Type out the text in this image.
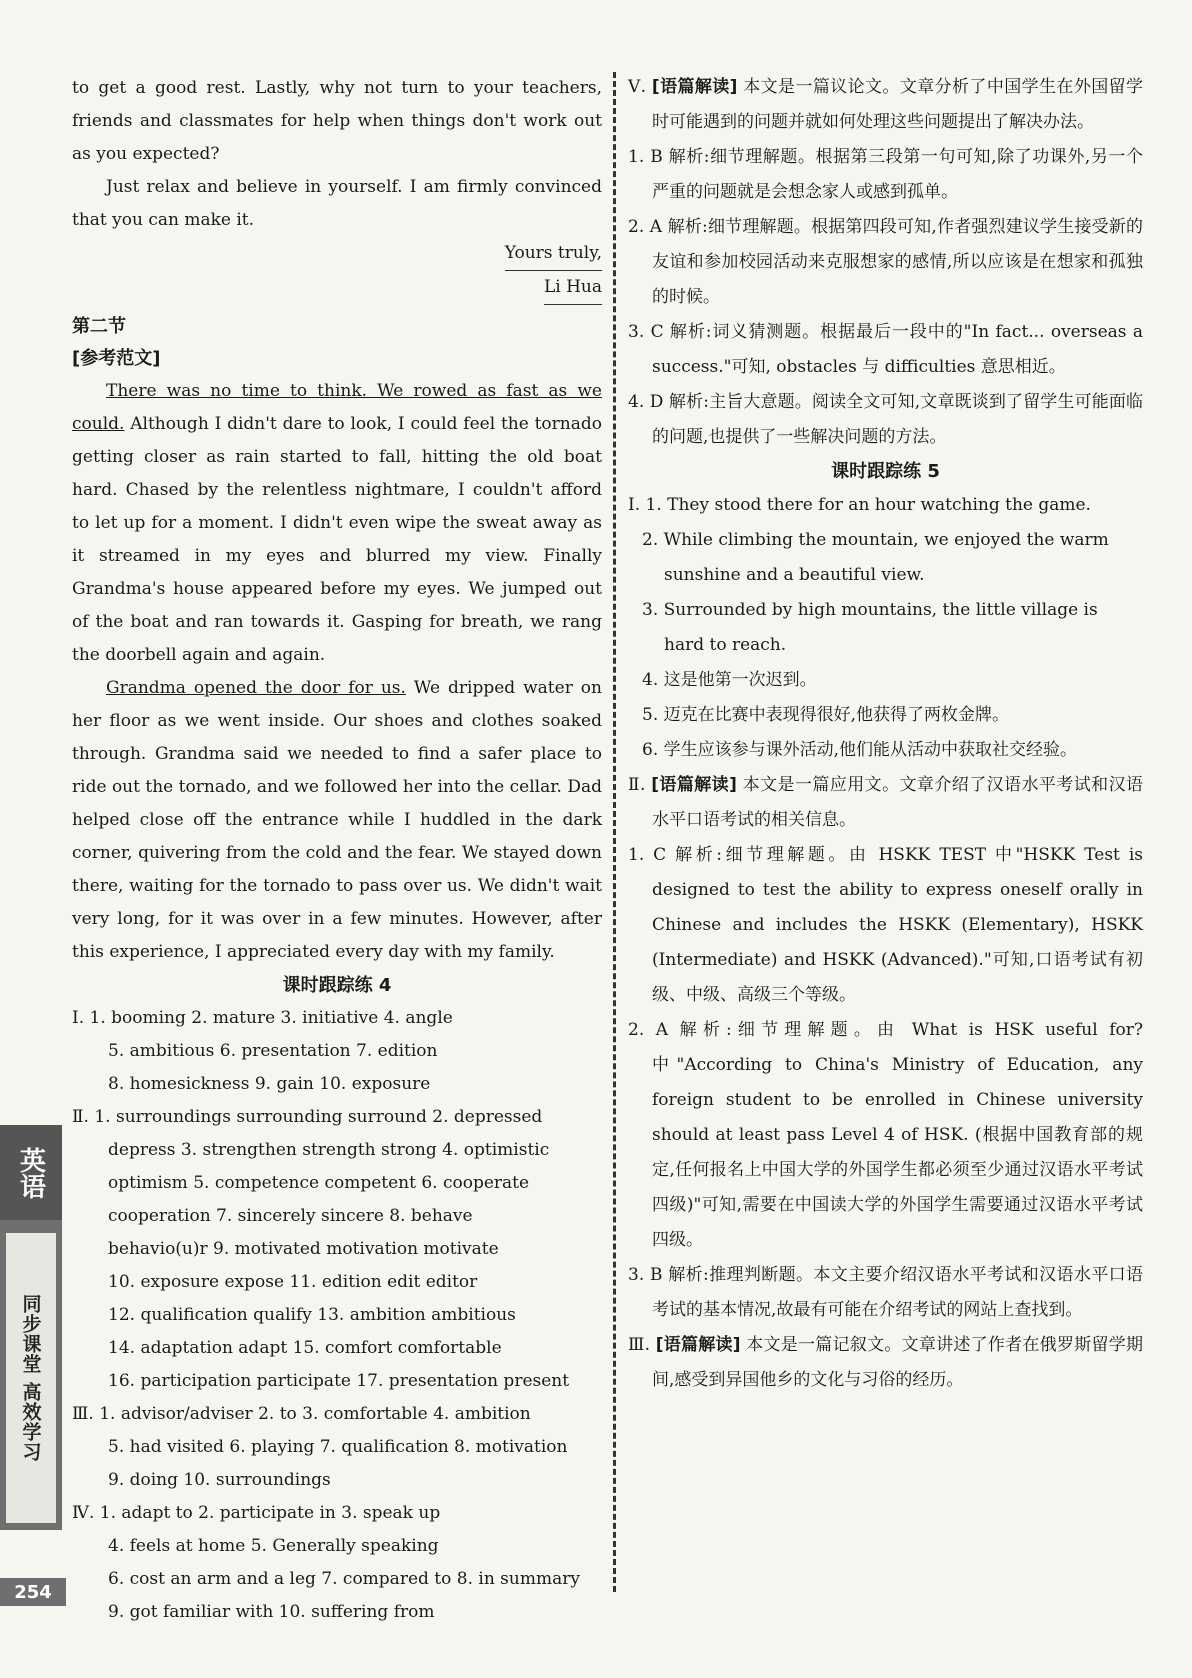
to get a good rest. Lastly, why not turn to your teachers, friends and classmates for help when things don't work out as you expected?

Just relax and believe in yourself. I am firmly convinced that you can make it.

Yours truly,
Li Hua
第二节
[参考范文]

There was no time to think. We rowed as fast as we could. Although I didn't dare to look, I could feel the tornado getting closer as rain started to fall, hitting the old boat hard. Chased by the relentless nightmare, I couldn't afford to let up for a moment. I didn't even wipe the sweat away as it streamed in my eyes and blurred my view. Finally Grandma's house appeared before my eyes. We jumped out of the boat and ran towards it. Gasping for breath, we rang the doorbell again and again.

Grandma opened the door for us. We dripped water on her floor as we went inside. Our shoes and clothes soaked through. Grandma said we needed to find a safer place to ride out the tornado, and we followed her into the cellar. Dad helped close off the entrance while I huddled in the dark corner, quivering from the cold and the fear. We stayed down there, waiting for the tornado to pass over us. We didn't wait very long, for it was over in a few minutes. However, after this experience, I appreciated every day with my family.

课时跟踪练 4
Ⅰ. 1. booming 2. mature 3. initiative 4. angle
5. ambitious 6. presentation 7. edition
8. homesickness 9. gain 10. exposure
Ⅱ. 1. surroundings surrounding surround 2. depressed
depress 3. strengthen strength strong 4. optimistic
optimism 5. competence competent 6. cooperate
cooperation 7. sincerely sincere 8. behave
behavio(u)r 9. motivated motivation motivate
10. exposure expose 11. edition edit editor
12. qualification qualify 13. ambition ambitious
14. adaptation adapt 15. comfort comfortable
16. participation participate 17. presentation present
Ⅲ. 1. advisor/adviser 2. to 3. comfortable 4. ambition
5. had visited 6. playing 7. qualification 8. motivation
9. doing 10. surroundings
Ⅳ. 1. adapt to 2. participate in 3. speak up
4. feels at home 5. Generally speaking
6. cost an arm and a leg 7. compared to 8. in summary
9. got familiar with 10. suffering from

Ⅴ. [语篇解读] 本文是一篇议论文。文章分析了中国学生在外国留学时可能遇到的问题并就如何处理这些问题提出了解决办法。

1. B 解析:细节理解题。根据第三段第一句可知,除了功课外,另一个严重的问题就是会想念家人或感到孤单。

2. A 解析:细节理解题。根据第四段可知,作者强烈建议学生接受新的友谊和参加校园活动来克服想家的感情,所以应该是在想家和孤独的时候。

3. C 解析:词义猜测题。根据最后一段中的"In fact... overseas a success."可知, obstacles 与 difficulties 意思相近。

4. D 解析:主旨大意题。阅读全文可知,文章既谈到了留学生可能面临的问题,也提供了一些解决问题的方法。

课时跟踪练 5

Ⅰ. 1. They stood there for an hour watching the game.

2. While climbing the mountain, we enjoyed the warm sunshine and a beautiful view.

3. Surrounded by high mountains, the little village is hard to reach.

4. 这是他第一次迟到。

5. 迈克在比赛中表现得很好,他获得了两枚金牌。

6. 学生应该参与课外活动,他们能从活动中获取社交经验。

Ⅱ. [语篇解读] 本文是一篇应用文。文章介绍了汉语水平考试和汉语水平口语考试的相关信息。

1. C 解析:细节理解题。由 HSKK TEST 中"HSKK Test is designed to test the ability to express oneself orally in Chinese and includes the HSKK (Elementary), HSKK (Intermediate) and HSKK (Advanced)."可知,口语考试有初级、中级、高级三个等级。

2. A 解析:细节理解题。由 What is HSK useful for? 中"According to China's Ministry of Education, any foreign student to be enrolled in Chinese university should at least pass Level 4 of HSK. (根据中国教育部的规定,任何报名上中国大学的外国学生都必须至少通过汉语水平考试四级)"可知,需要在中国读大学的外国学生需要通过汉语水平考试四级。

3. B 解析:推理判断题。本文主要介绍汉语水平考试和汉语水平口语考试的基本情况,故最有可能在介绍考试的网站上查找到。

Ⅲ. [语篇解读] 本文是一篇记叙文。文章讲述了作者在俄罗斯留学期间,感受到异国他乡的文化与习俗的经历。

英语
同步课堂 高效学习
254
